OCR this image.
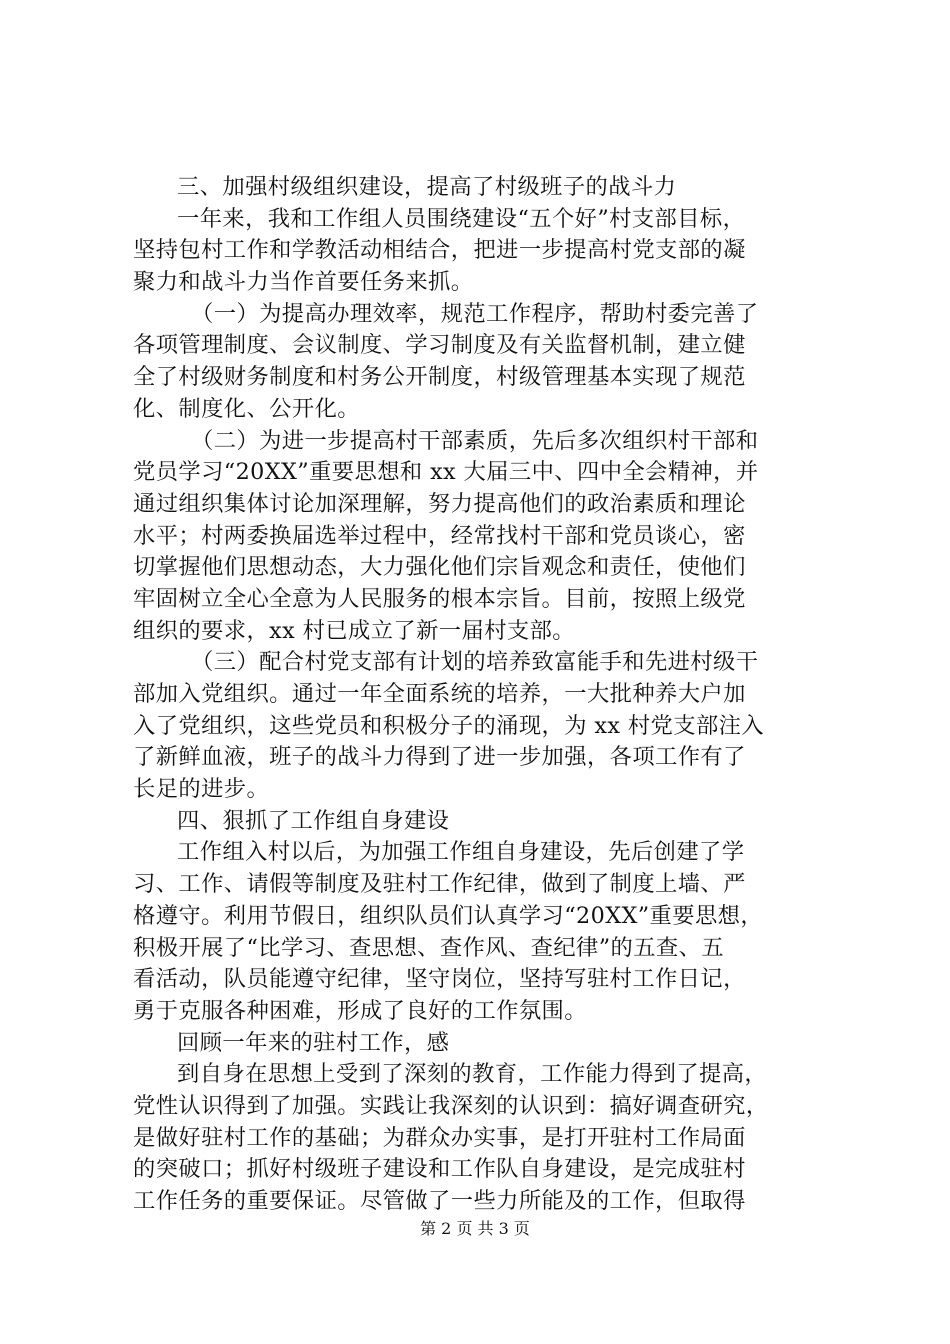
三、加强村级组织建设，提高了村级班子的战斗力
一年来，我和工作组人员围绕建设“五个好”村支部目标，
坚持包村工作和学教活动相结合，把进一步提高村党支部的凝
聚力和战斗力当作首要任务来抓。
（一）为提高办理效率，规范工作程序，帮助村委完善了
各项管理制度、会议制度、学习制度及有关监督机制，建立健
全了村级财务制度和村务公开制度，村级管理基本实现了规范
化、制度化、公开化。
（二）为进一步提高村干部素质，先后多次组织村干部和
党员学习“20XX”重要思想和 xx 大届三中、四中全会精神，并
通过组织集体讨论加深理解，努力提高他们的政治素质和理论
水平；村两委换届选举过程中，经常找村干部和党员谈心，密
切掌握他们思想动态，大力强化他们宗旨观念和责任，使他们
牢固树立全心全意为人民服务的根本宗旨。目前，按照上级党
组织的要求，xx 村已成立了新一届村支部。
（三）配合村党支部有计划的培养致富能手和先进村级干
部加入党组织。通过一年全面系统的培养，一大批种养大户加
入了党组织，这些党员和积极分子的涌现，为 xx 村党支部注入
了新鲜血液，班子的战斗力得到了进一步加强，各项工作有了
长足的进步。
四、狠抓了工作组自身建设
工作组入村以后，为加强工作组自身建设，先后创建了学
习、工作、请假等制度及驻村工作纪律，做到了制度上墙、严
格遵守。利用节假日，组织队员们认真学习“20XX”重要思想，
积极开展了“比学习、查思想、查作风、查纪律”的五查、五
看活动，队员能遵守纪律，坚守岗位，坚持写驻村工作日记，
勇于克服各种困难，形成了良好的工作氛围。
回顾一年来的驻村工作，感
到自身在思想上受到了深刻的教育，工作能力得到了提高，
党性认识得到了加强。实践让我深刻的认识到：搞好调查研究，
是做好驻村工作的基础；为群众办实事，是打开驻村工作局面
的突破口；抓好村级班子建设和工作队自身建设，是完成驻村
工作任务的重要保证。尽管做了一些力所能及的工作，但取得
第 2 页 共 3 页
